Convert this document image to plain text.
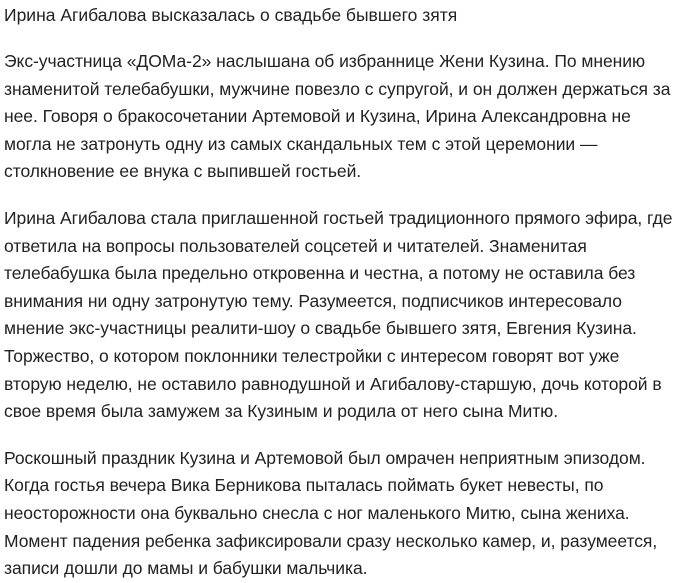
Ирина Агибалова высказалась о свадьбе бывшего зятя

Экс-участница «ДОМа-2» наслышана об избраннице Жени Кузина. По мнению
знаменитой телебабушки, мужчине повезло с супругой, и он должен держаться за
нее. Говоря о бракосочетании Артемовой и Кузина, Ирина Александровна не
могла не затронуть одну из самых скандальных тем с этой церемонии —
столкновение ее внука с выпившей гостьей.

Ирина Агибалова стала приглашенной гостьей традиционного прямого эфира, где
ответила на вопросы пользователей соцсетей и читателей. Знаменитая
телебабушка была предельно откровенна и честна, а потому не оставила без
внимания ни одну затронутую тему. Разумеется, подписчиков интересовало
мнение экс-участницы реалити-шоу о свадьбе бывшего зятя, Евгения Кузина.
Торжество, о котором поклонники телестройки с интересом говорят вот уже
вторую неделю, не оставило равнодушной и Агибалову-старшую, дочь которой в
свое время была замужем за Кузиным и родила от него сына Митю.

Роскошный праздник Кузина и Артемовой был омрачен неприятным эпизодом.
Когда гостья вечера Вика Берникова пыталась поймать букет невесты, по
неосторожности она буквально снесла с ног маленького Митю, сына жениха.
Момент падения ребенка зафиксировали сразу несколько камер, и, разумеется,
записи дошли до мамы и бабушки мальчика.
